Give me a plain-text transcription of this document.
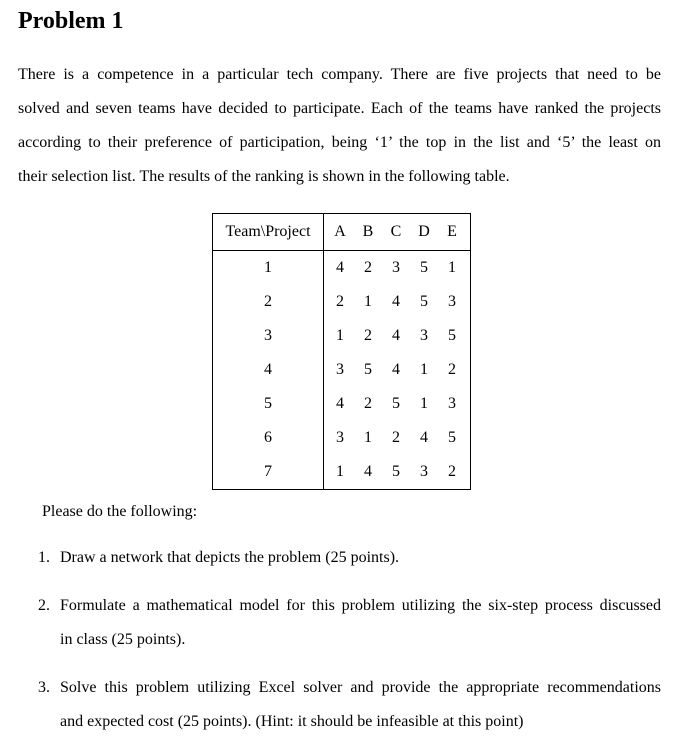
Problem 1

There is a competence in a particular tech company. There are five projects that need to be

solved and seven teams have decided to participate. Each of the teams have ranked the projects

according to their preference of participation, being ‘1’ the top in the list and ‘5’ the least on

their selection list. The results of the ranking is shown in the following table.

Team\Project	A	B	C	D	E
1	4	2	3	5	1
2	2	1	4	5	3
3	1	2	4	3	5
4	3	5	4	1	2
5	4	2	5	1	3
6	3	1	2	4	5
7	1	4	5	3	2

Please do the following:

1. Draw a network that depicts the problem (25 points).
2. Formulate a mathematical model for this problem utilizing the six-step process discussed
in class (25 points).
3. Solve this problem utilizing Excel solver and provide the appropriate recommendations
and expected cost (25 points). (Hint: it should be infeasible at this point)
